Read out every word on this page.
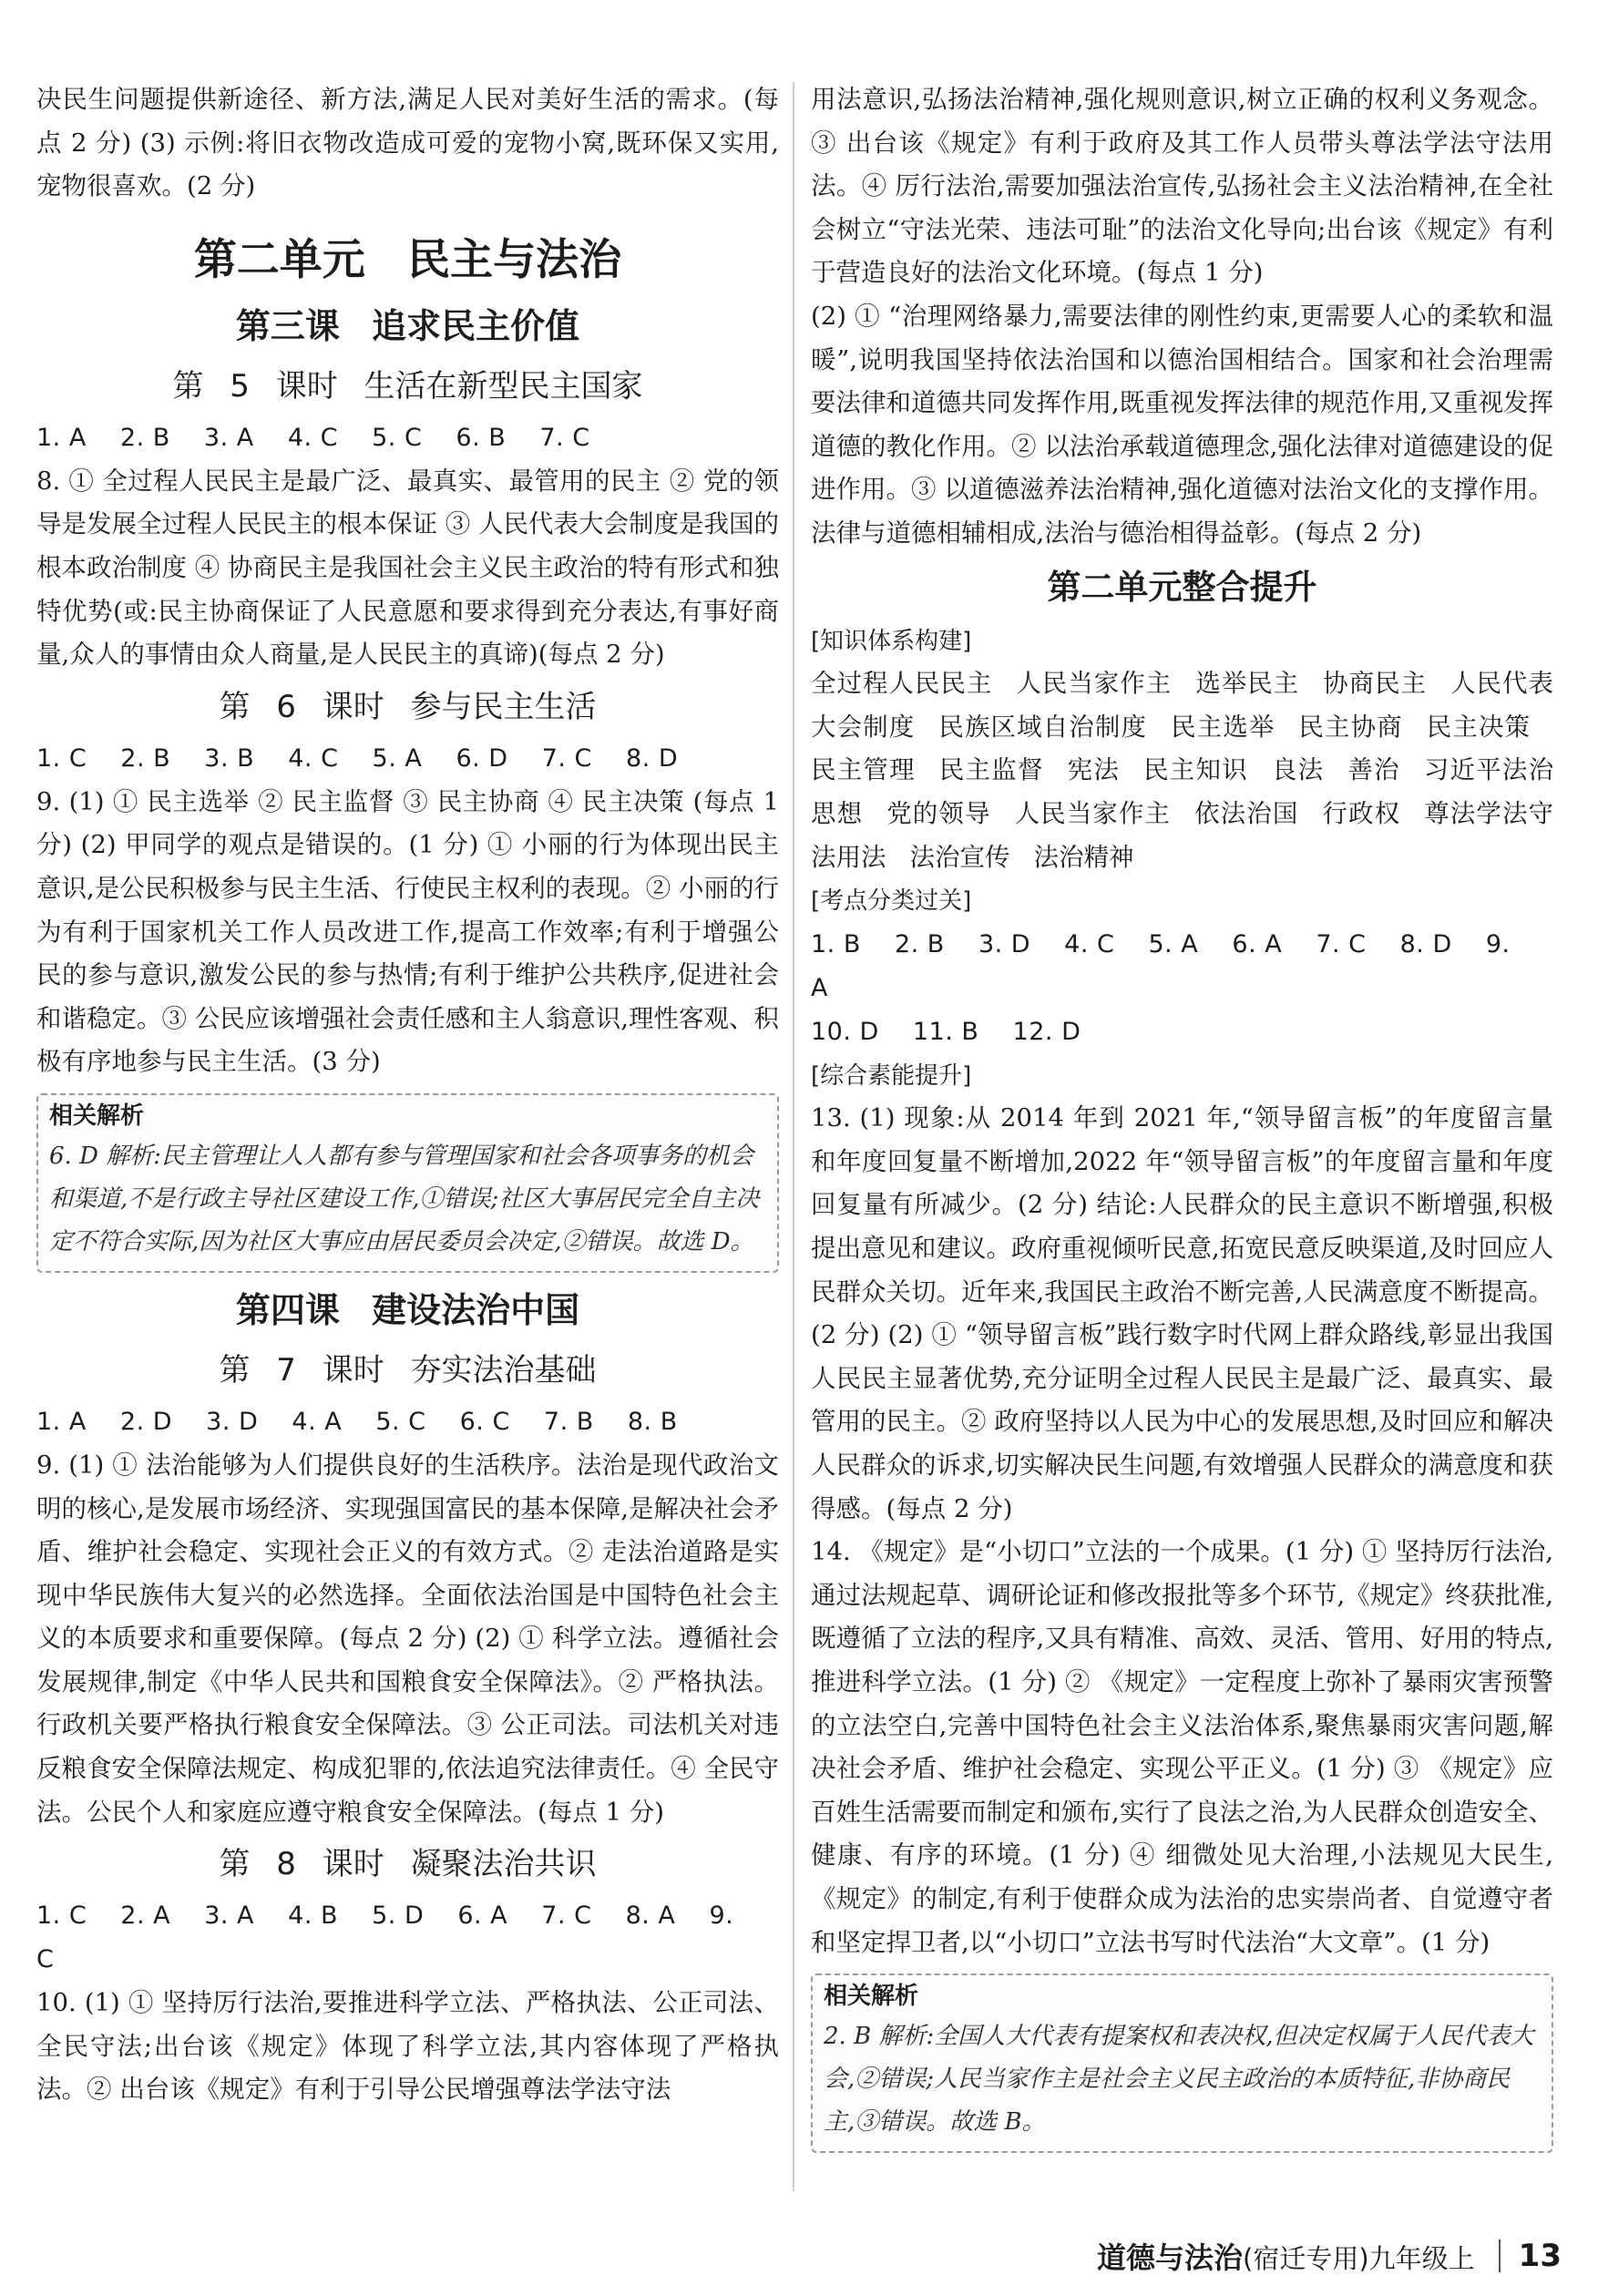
决民生问题提供新途径、新方法,满足人民对美好生活的需求。(每点 2 分) (3) 示例:将旧衣物改造成可爱的宠物小窝,既环保又实用,宠物很喜欢。(2 分)

第二单元 民主与法治
第三课 追求民主价值
第 5 课时 生活在新型民主国家
1. A 2. B 3. A 4. C 5. C 6. B 7. C

8. ① 全过程人民民主是最广泛、最真实、最管用的民主 ② 党的领导是发展全过程人民民主的根本保证 ③ 人民代表大会制度是我国的根本政治制度 ④ 协商民主是我国社会主义民主政治的特有形式和独特优势(或:民主协商保证了人民意愿和要求得到充分表达,有事好商量,众人的事情由众人商量,是人民民主的真谛)(每点 2 分)

第 6 课时 参与民主生活
1. C 2. B 3. B 4. C 5. A 6. D 7. C 8. D

9. (1) ① 民主选举 ② 民主监督 ③ 民主协商 ④ 民主决策 (每点 1 分) (2) 甲同学的观点是错误的。(1 分) ① 小丽的行为体现出民主意识,是公民积极参与民主生活、行使民主权利的表现。② 小丽的行为有利于国家机关工作人员改进工作,提高工作效率;有利于增强公民的参与意识,激发公民的参与热情;有利于维护公共秩序,促进社会和谐稳定。③ 公民应该增强社会责任感和主人翁意识,理性客观、积极有序地参与民主生活。(3 分)

相关解析
6. D 解析:民主管理让人人都有参与管理国家和社会各项事务的机会和渠道,不是行政主导社区建设工作,①错误;社区大事居民完全自主决定不符合实际,因为社区大事应由居民委员会决定,②错误。故选 D。
第四课 建设法治中国
第 7 课时 夯实法治基础
1. A 2. D 3. D 4. A 5. C 6. C 7. B 8. B

9. (1) ① 法治能够为人们提供良好的生活秩序。法治是现代政治文明的核心,是发展市场经济、实现强国富民的基本保障,是解决社会矛盾、维护社会稳定、实现社会正义的有效方式。② 走法治道路是实现中华民族伟大复兴的必然选择。全面依法治国是中国特色社会主义的本质要求和重要保障。(每点 2 分) (2) ① 科学立法。遵循社会发展规律,制定《中华人民共和国粮食安全保障法》。② 严格执法。行政机关要严格执行粮食安全保障法。③ 公正司法。司法机关对违反粮食安全保障法规定、构成犯罪的,依法追究法律责任。④ 全民守法。公民个人和家庭应遵守粮食安全保障法。(每点 1 分)

第 8 课时 凝聚法治共识
1. C 2. A 3. A 4. B 5. D 6. A 7. C 8. A 9. C

10. (1) ① 坚持厉行法治,要推进科学立法、严格执法、公正司法、全民守法;出台该《规定》体现了科学立法,其内容体现了严格执法。② 出台该《规定》有利于引导公民增强尊法学法守法

用法意识,弘扬法治精神,强化规则意识,树立正确的权利义务观念。③ 出台该《规定》有利于政府及其工作人员带头尊法学法守法用法。④ 厉行法治,需要加强法治宣传,弘扬社会主义法治精神,在全社会树立“守法光荣、违法可耻”的法治文化导向;出台该《规定》有利于营造良好的法治文化环境。(每点 1 分)

(2) ① “治理网络暴力,需要法律的刚性约束,更需要人心的柔软和温暖”,说明我国坚持依法治国和以德治国相结合。国家和社会治理需要法律和道德共同发挥作用,既重视发挥法律的规范作用,又重视发挥道德的教化作用。② 以法治承载道德理念,强化法律对道德建设的促进作用。③ 以道德滋养法治精神,强化道德对法治文化的支撑作用。法律与道德相辅相成,法治与德治相得益彰。(每点 2 分)

第二单元整合提升
[知识体系构建]
全过程人民民主 人民当家作主 选举民主 协商民主 人民代表大会制度 民族区域自治制度 民主选举 民主协商 民主决策民主管理 民主监督 宪法 民主知识 良法 善治 习近平法治思想 党的领导 人民当家作主 依法治国 行政权 尊法学法守法用法 法治宣传 法治精神
[考点分类过关]
1. B 2. B 3. D 4. C 5. A 6. A 7. C 8. D 9. A
10. D 11. B 12. D
[综合素能提升]

13. (1) 现象:从 2014 年到 2021 年,“领导留言板”的年度留言量和年度回复量不断增加,2022 年“领导留言板”的年度留言量和年度回复量有所减少。(2 分) 结论:人民群众的民主意识不断增强,积极提出意见和建议。政府重视倾听民意,拓宽民意反映渠道,及时回应人民群众关切。近年来,我国民主政治不断完善,人民满意度不断提高。(2 分) (2) ① “领导留言板”践行数字时代网上群众路线,彰显出我国人民民主显著优势,充分证明全过程人民民主是最广泛、最真实、最管用的民主。② 政府坚持以人民为中心的发展思想,及时回应和解决人民群众的诉求,切实解决民生问题,有效增强人民群众的满意度和获得感。(每点 2 分)

14. 《规定》是“小切口”立法的一个成果。(1 分) ① 坚持厉行法治,通过法规起草、调研论证和修改报批等多个环节,《规定》终获批准,既遵循了立法的程序,又具有精准、高效、灵活、管用、好用的特点,推进科学立法。(1 分) ② 《规定》一定程度上弥补了暴雨灾害预警的立法空白,完善中国特色社会主义法治体系,聚焦暴雨灾害问题,解决社会矛盾、维护社会稳定、实现公平正义。(1 分) ③ 《规定》应百姓生活需要而制定和颁布,实行了良法之治,为人民群众创造安全、健康、有序的环境。(1 分) ④ 细微处见大治理,小法规见大民生,《规定》的制定,有利于使群众成为法治的忠实崇尚者、自觉遵守者和坚定捍卫者,以“小切口”立法书写时代法治“大文章”。(1 分)

相关解析
2. B 解析:全国人大代表有提案权和表决权,但决定权属于人民代表大会,②错误;人民当家作主是社会主义民主政治的本质特征,非协商民主,③错误。故选 B。
道德与法治(宿迁专用)九年级上 13
